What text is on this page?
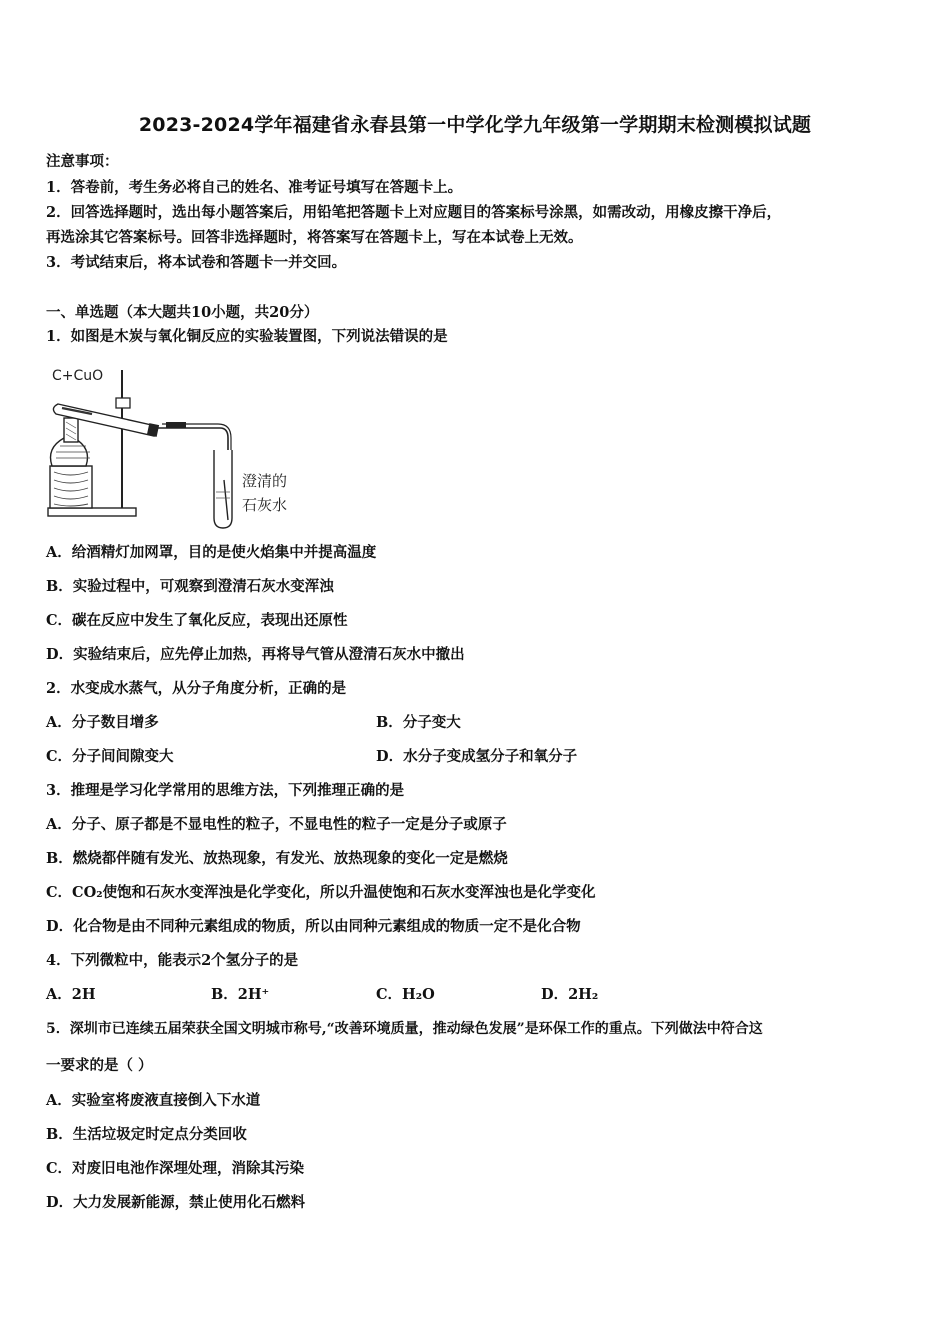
2023-2024学年福建省永春县第一中学化学九年级第一学期期末检测模拟试题
注意事项：
1．答卷前，考生务必将自己的姓名、准考证号填写在答题卡上。
2．回答选择题时，选出每小题答案后，用铅笔把答题卡上对应题目的答案标号涂黑，如需改动，用橡皮擦干净后，
再选涂其它答案标号。回答非选择题时，将答案写在答题卡上，写在本试卷上无效。
3．考试结束后，将本试卷和答题卡一并交回。
一、单选题（本大题共10小题，共20分）
1．如图是木炭与氧化铜反应的实验装置图，下列说法错误的是
C+CuO
澄清的
石灰水
A．给酒精灯加网罩，目的是使火焰集中并提高温度
B．实验过程中，可观察到澄清石灰水变浑浊
C．碳在反应中发生了氧化反应，表现出还原性
D．实验结束后，应先停止加热，再将导气管从澄清石灰水中撤出
2．水变成水蒸气，从分子角度分析，正确的是
A．分子数目增多	B．分子变大
C．分子间间隙变大	D．水分子变成氢分子和氧分子
3．推理是学习化学常用的思维方法，下列推理正确的是
A．分子、原子都是不显电性的粒子，不显电性的粒子一定是分子或原子
B．燃烧都伴随有发光、放热现象，有发光、放热现象的变化一定是燃烧
C．CO₂使饱和石灰水变浑浊是化学变化，所以升温使饱和石灰水变浑浊也是化学变化
D．化合物是由不同种元素组成的物质，所以由同种元素组成的物质一定不是化合物
4．下列微粒中，能表示2个氢分子的是
A．2H	B．2H⁺	C．H₂O	D．2H₂
5．深圳市已连续五届荣获全国文明城市称号,“改善环境质量，推动绿色发展”是环保工作的重点。下列做法中符合这
一要求的是（ ）
A．实验室将废液直接倒入下水道
B．生活垃圾定时定点分类回收
C．对废旧电池作深埋处理，消除其污染
D．大力发展新能源，禁止使用化石燃料
